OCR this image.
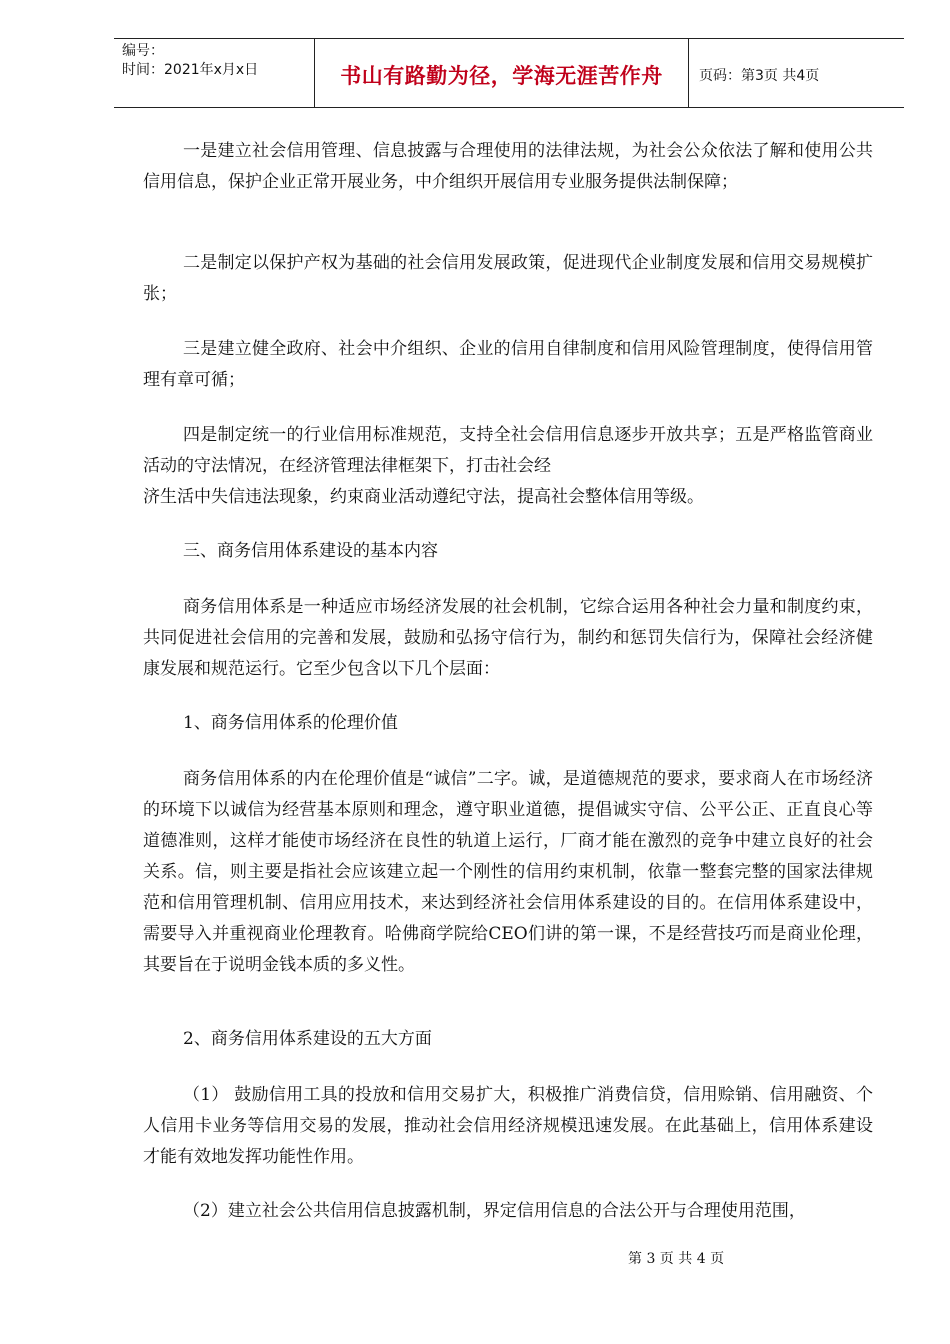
编号：
时间：2021年x月x日	书山有路勤为径，学海无涯苦作舟	页码：第3页 共4页

一是建立社会信用管理、信息披露与合理使用的法律法规，为社会公众依法了解和使用公共信用信息，保护企业正常开展业务，中介组织开展信用专业服务提供法制保障；

二是制定以保护产权为基础的社会信用发展政策，促进现代企业制度发展和信用交易规模扩张；

三是建立健全政府、社会中介组织、企业的信用自律制度和信用风险管理制度，使得信用管理有章可循；

四是制定统一的行业信用标准规范，支持全社会信用信息逐步开放共享；五是严格监管商业活动的守法情况，在经济管理法律框架下，打击社会经

济生活中失信违法现象，约束商业活动遵纪守法，提高社会整体信用等级。

三、商务信用体系建设的基本内容

商务信用体系是一种适应市场经济发展的社会机制，它综合运用各种社会力量和制度约束，共同促进社会信用的完善和发展，鼓励和弘扬守信行为，制约和惩罚失信行为，保障社会经济健康发展和规范运行。它至少包含以下几个层面：

1、商务信用体系的伦理价值

商务信用体系的内在伦理价值是“诚信”二字。诚，是道德规范的要求，要求商人在市场经济的环境下以诚信为经营基本原则和理念，遵守职业道德，提倡诚实守信、公平公正、正直良心等道德准则，这样才能使市场经济在良性的轨道上运行，厂商才能在激烈的竞争中建立良好的社会关系。信，则主要是指社会应该建立起一个刚性的信用约束机制，依靠一整套完整的国家法律规范和信用管理机制、信用应用技术，来达到经济社会信用体系建设的目的。在信用体系建设中，需要导入并重视商业伦理教育。哈佛商学院给CEO们讲的第一课，不是经营技巧而是商业伦理，其要旨在于说明金钱本质的多义性。

2、商务信用体系建设的五大方面

（1） 鼓励信用工具的投放和信用交易扩大，积极推广消费信贷，信用赊销、信用融资、个人信用卡业务等信用交易的发展，推动社会信用经济规模迅速发展。在此基础上，信用体系建设才能有效地发挥功能性作用。

（2）建立社会公共信用信息披露机制，界定信用信息的合法公开与合理使用范围，

第 3 页 共 4 页
